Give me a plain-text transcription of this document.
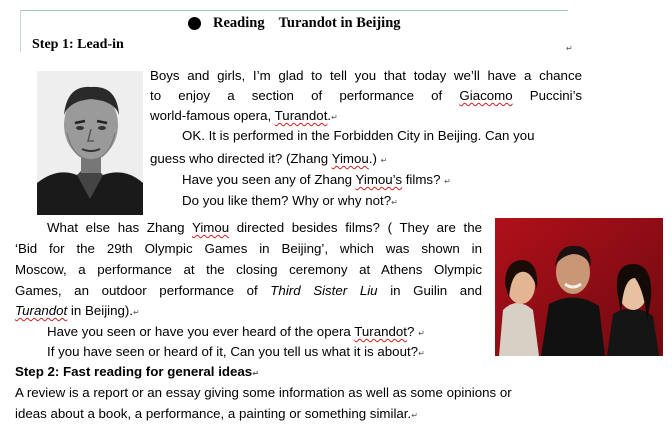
Reading Turandot in Beijing
Step 1: Lead-in	↵
Boys and girls, I’m glad to tell you that today we’ll have a chance
to enjoy a section of performance of Giacomo Puccini’s
world-famous opera, Turandot.↵
OK. It is performed in the Forbidden City in Beijing. Can you
guess who directed it? (Zhang Yimou.) ↵
Have you seen any of Zhang Yimou’s films? ↵
Do you like them? Why or why not?↵
What else has Zhang Yimou directed besides films? ( They are the
‘Bid for the 29th Olympic Games in Beijing’, which was shown in
Moscow, a performance at the closing ceremony at Athens Olympic
Games, an outdoor performance of Third Sister Liu in Guilin and
Turandot in Beijing).↵
Have you seen or have you ever heard of the opera Turandot? ↵
If you have seen or heard of it, Can you tell us what it is about?↵
Step 2: Fast reading for general ideas↵
A review is a report or an essay giving some information as well as some opinions or
ideas about a book, a performance, a painting or something similar.↵
